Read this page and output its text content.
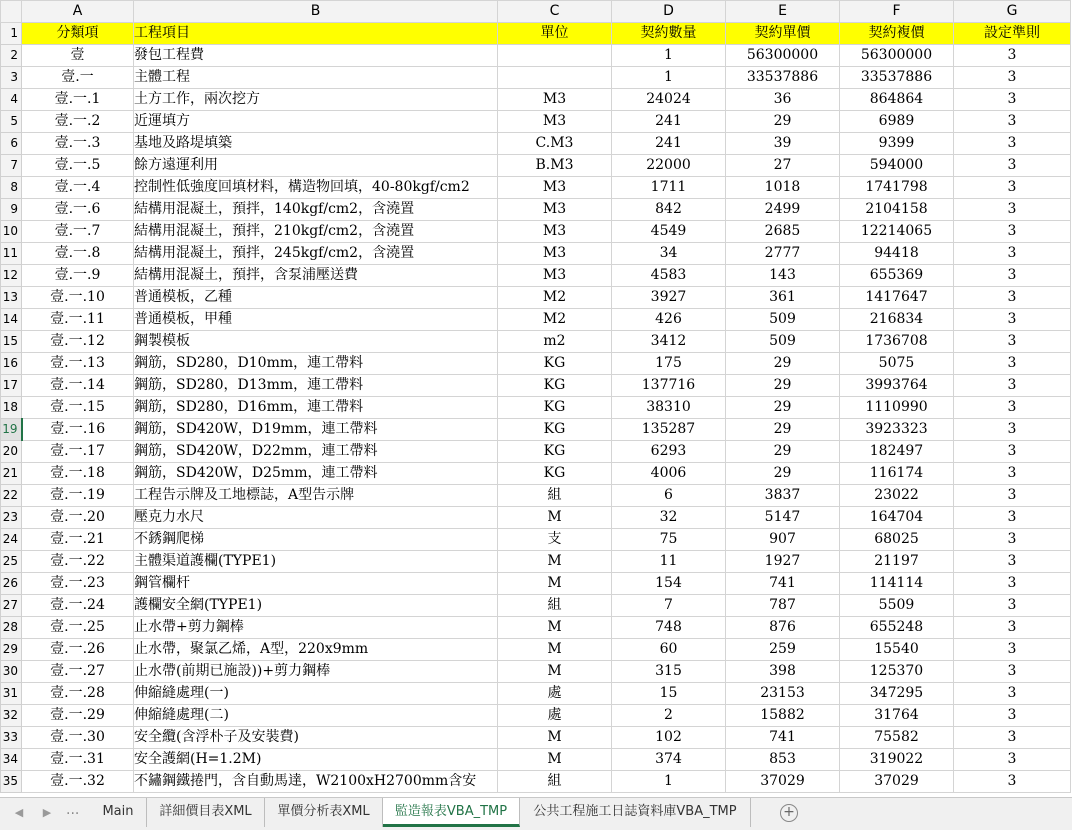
	A	B	C	D	E	F	G
1	分類項	工程項目	單位	契約數量	契約單價	契約複價	設定準則
2	壹	發包工程費		1	56300000	56300000	3
3	壹.一	主體工程		1	33537886	33537886	3
4	壹.一.1	土方工作，兩次挖方	M3	24024	36	864864	3
5	壹.一.2	近運填方	M3	241	29	6989	3
6	壹.一.3	基地及路堤填築	C.M3	241	39	9399	3
7	壹.一.5	餘方遠運利用	B.M3	22000	27	594000	3
8	壹.一.4	控制性低強度回填材料，構造物回填，40-80kgf/cm2	M3	1711	1018	1741798	3
9	壹.一.6	結構用混凝土，預拌，140kgf/cm2，含澆置	M3	842	2499	2104158	3
10	壹.一.7	結構用混凝土，預拌，210kgf/cm2，含澆置	M3	4549	2685	12214065	3
11	壹.一.8	結構用混凝土，預拌，245kgf/cm2，含澆置	M3	34	2777	94418	3
12	壹.一.9	結構用混凝土，預拌，含泵浦壓送費	M3	4583	143	655369	3
13	壹.一.10	普通模板，乙種	M2	3927	361	1417647	3
14	壹.一.11	普通模板，甲種	M2	426	509	216834	3
15	壹.一.12	鋼製模板	m2	3412	509	1736708	3
16	壹.一.13	鋼筋，SD280，D10mm，連工帶料	KG	175	29	5075	3
17	壹.一.14	鋼筋，SD280，D13mm，連工帶料	KG	137716	29	3993764	3
18	壹.一.15	鋼筋，SD280，D16mm，連工帶料	KG	38310	29	1110990	3
19	壹.一.16	鋼筋，SD420W，D19mm，連工帶料	KG	135287	29	3923323	3
20	壹.一.17	鋼筋，SD420W，D22mm，連工帶料	KG	6293	29	182497	3
21	壹.一.18	鋼筋，SD420W，D25mm，連工帶料	KG	4006	29	116174	3
22	壹.一.19	工程告示牌及工地標誌，A型告示牌	組	6	3837	23022	3
23	壹.一.20	壓克力水尺	M	32	5147	164704	3
24	壹.一.21	不銹鋼爬梯	支	75	907	68025	3
25	壹.一.22	主體渠道護欄(TYPE1)	M	11	1927	21197	3
26	壹.一.23	鋼管欄杆	M	154	741	114114	3
27	壹.一.24	護欄安全網(TYPE1)	組	7	787	5509	3
28	壹.一.25	止水帶+剪力鋼棒	M	748	876	655248	3
29	壹.一.26	止水帶，聚氯乙烯，A型，220x9mm	M	60	259	15540	3
30	壹.一.27	止水帶(前期已施設))+剪力鋼棒	M	315	398	125370	3
31	壹.一.28	伸縮縫處理(一)	處	15	23153	347295	3
32	壹.一.29	伸縮縫處理(二)	處	2	15882	31764	3
33	壹.一.30	安全纜(含浮朴子及安裝費)	M	102	741	75582	3
34	壹.一.31	安全護網(H=1.2M)	M	374	853	319022	3
35	壹.一.32	不鏽鋼鐵捲門，含自動馬達，W2100xH2700mm含安	組	1	37029	37029	3
◀ ▶ ...	Main	詳細價目表XML	單價分析表XML	監造報表VBA_TMP	公共工程施工日誌資料庫VBA_TMP	+
